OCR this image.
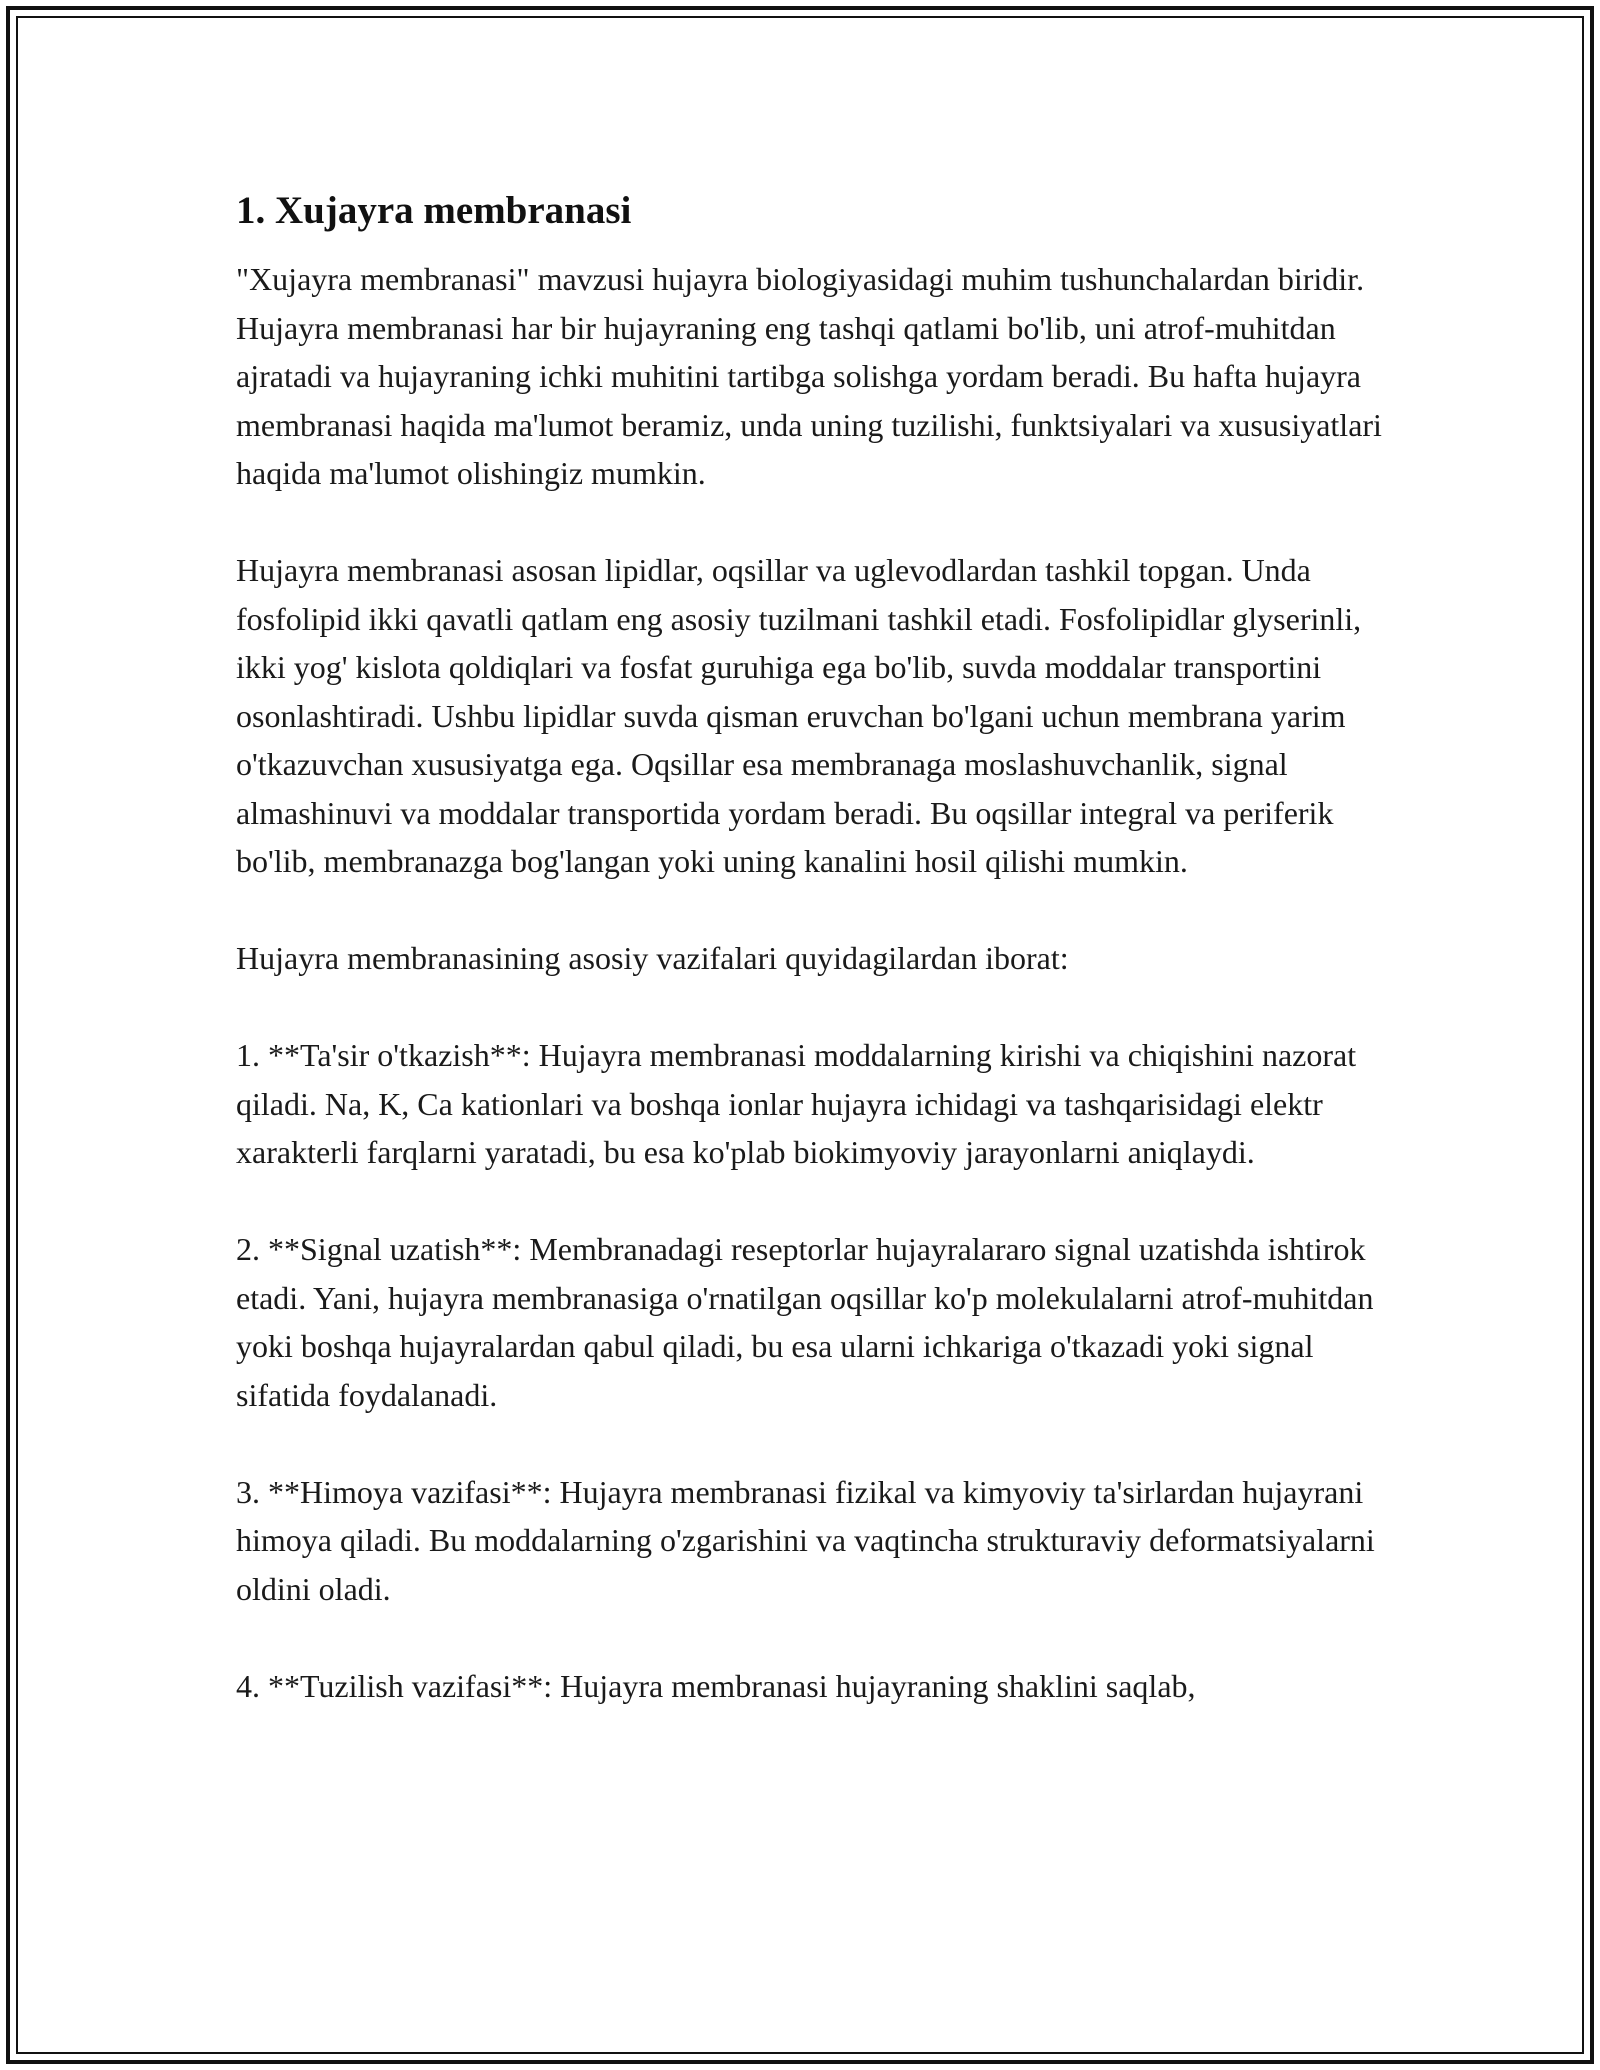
1. Xujayra membranasi

"Xujayra membranasi" mavzusi hujayra biologiyasidagi muhim tushunchalardan biridir. Hujayra membranasi har bir hujayraning eng tashqi qatlami bo'lib, uni atrof-muhitdan ajratadi va hujayraning ichki muhitini tartibga solishga yordam beradi. Bu hafta hujayra membranasi haqida ma'lumot beramiz, unda uning tuzilishi, funktsiyalari va xususiyatlari haqida ma'lumot olishingiz mumkin.

Hujayra membranasi asosan lipidlar, oqsillar va uglevodlardan tashkil topgan. Unda fosfolipid ikki qavatli qatlam eng asosiy tuzilmani tashkil etadi. Fosfolipidlar glyserinli, ikki yog' kislota qoldiqlari va fosfat guruhiga ega bo'lib, suvda moddalar transportini osonlashtiradi. Ushbu lipidlar suvda qisman eruvchan bo'lgani uchun membrana yarim o'tkazuvchan xususiyatga ega. Oqsillar esa membranaga moslashuvchanlik, signal almashinuvi va moddalar transportida yordam beradi. Bu oqsillar integral va periferik bo'lib, membranazga bog'langan yoki uning kanalini hosil qilishi mumkin.

Hujayra membranasining asosiy vazifalari quyidagilardan iborat:

1. **Ta'sir o'tkazish**: Hujayra membranasi moddalarning kirishi va chiqishini nazorat qiladi. Na, K, Ca kationlari va boshqa ionlar hujayra ichidagi va tashqarisidagi elektr xarakterli farqlarni yaratadi, bu esa ko'plab biokimyoviy jarayonlarni aniqlaydi.

2. **Signal uzatish**: Membranadagi reseptorlar hujayralararo signal uzatishda ishtirok etadi. Yani, hujayra membranasiga o'rnatilgan oqsillar ko'p molekulalarni atrof-muhitdan yoki boshqa hujayralardan qabul qiladi, bu esa ularni ichkariga o'tkazadi yoki signal sifatida foydalanadi.

3. **Himoya vazifasi**: Hujayra membranasi fizikal va kimyoviy ta'sirlardan hujayrani himoya qiladi. Bu moddalarning o'zgarishini va vaqtincha strukturaviy deformatsiyalarni oldini oladi.

4. **Tuzilish vazifasi**: Hujayra membranasi hujayraning shaklini saqlab,
